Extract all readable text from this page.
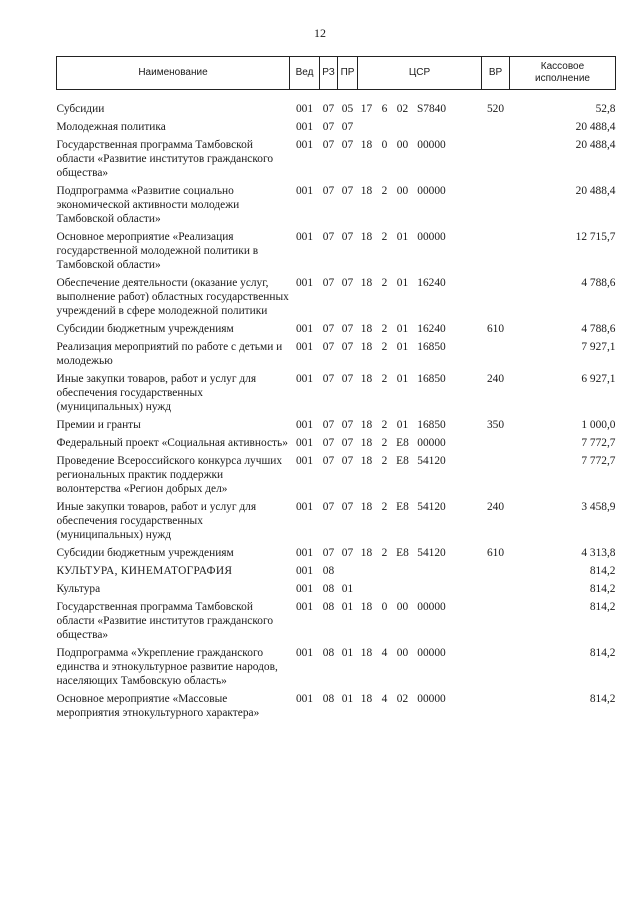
12
Наименование	Вед	РЗ	ПР	ЦСР	ВР	Кассовое исполнение
Субсидии	001	07	05	17 6 02 S7840	520	52,8
Молодежная политика	001	07	07			20 488,4
Государственная программа Тамбовской области «Развитие институтов гражданского общества»	001	07	07	18 0 00 00000		20 488,4
Подпрограмма «Развитие социально экономической активности молодежи Тамбовской области»	001	07	07	18 2 00 00000		20 488,4
Основное мероприятие «Реализация государственной молодежной политики в Тамбовской области»	001	07	07	18 2 01 00000		12 715,7
Обеспечение деятельности (оказание услуг, выполнение работ) областных государственных учреждений в сфере молодежной политики	001	07	07	18 2 01 16240		4 788,6
Субсидии бюджетным учреждениям	001	07	07	18 2 01 16240	610	4 788,6
Реализация мероприятий по работе с детьми и молодежью	001	07	07	18 2 01 16850		7 927,1
Иные закупки товаров, работ и услуг для обеспечения государственных (муниципальных) нужд	001	07	07	18 2 01 16850	240	6 927,1
Премии и гранты	001	07	07	18 2 01 16850	350	1 000,0
Федеральный проект «Социальная активность»	001	07	07	18 2 E8 00000		7 772,7
Проведение Всероссийского конкурса лучших региональных практик поддержки волонтерства «Регион добрых дел»	001	07	07	18 2 E8 54120		7 772,7
Иные закупки товаров, работ и услуг для обеспечения государственных (муниципальных) нужд	001	07	07	18 2 E8 54120	240	3 458,9
Субсидии бюджетным учреждениям	001	07	07	18 2 E8 54120	610	4 313,8
КУЛЬТУРА, КИНЕМАТОГРАФИЯ	001	08				814,2
Культура	001	08	01			814,2
Государственная программа Тамбовской области «Развитие институтов гражданского общества»	001	08	01	18 0 00 00000		814,2
Подпрограмма «Укрепление гражданского единства и этнокультурное развитие народов, населяющих Тамбовскую область»	001	08	01	18 4 00 00000		814,2
Основное мероприятие «Массовые мероприятия этнокультурного характера»	001	08	01	18 4 02 00000		814,2
